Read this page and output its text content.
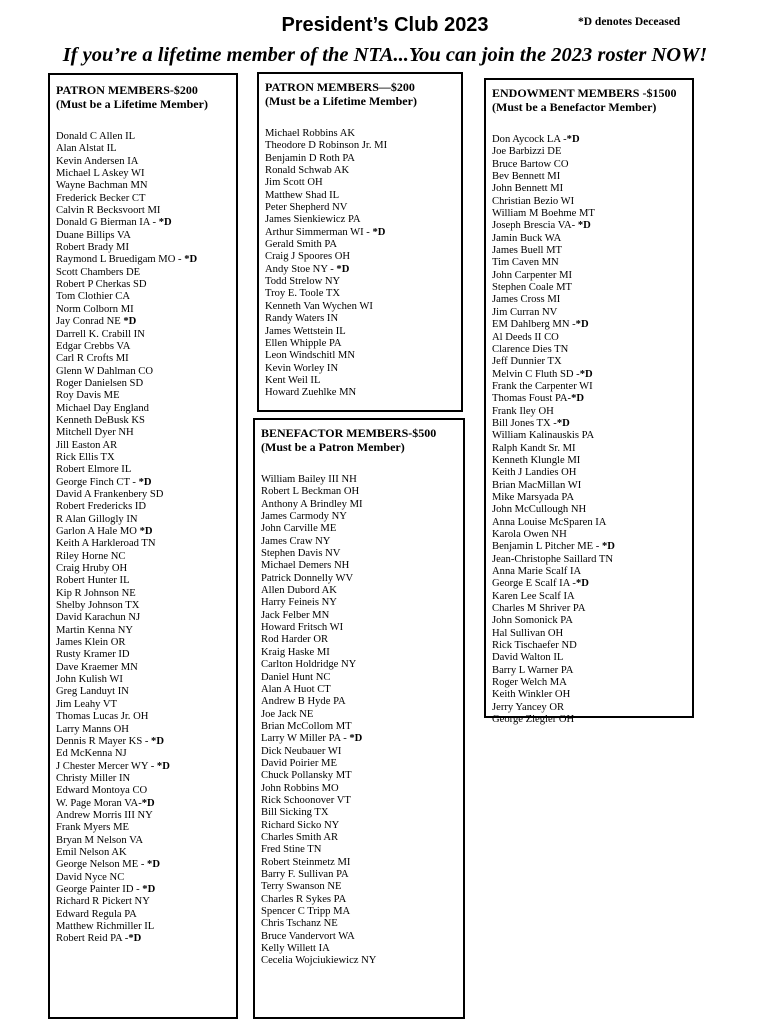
President’s Club 2023	*D denotes Deceased
If you’re a lifetime member of the NTA...You can join the 2023 roster NOW!
PATRON MEMBERS-$200
(Must be a Lifetime Member)
Donald C Allen IL
Alan Alstat IL
Kevin Andersen IA
Michael L Askey WI
Wayne Bachman MN
Frederick Becker CT
Calvin R Becksvoort MI
Donald G Bierman IA - *D
Duane Billips VA
Robert Brady MI
Raymond L Bruedigam MO - *D
Scott Chambers DE
Robert P Cherkas SD
Tom Clothier CA
Norm Colborn MI
Jay Conrad NE *D
Darrell K. Crabill IN
Edgar Crebbs VA
Carl R Crofts MI
Glenn W Dahlman CO
Roger Danielsen SD
Roy Davis ME
Michael Day England
Kenneth DeBusk KS
Mitchell Dyer NH
Jill Easton AR
Rick Ellis TX
Robert Elmore IL
George Finch CT - *D
David A Frankenbery SD
Robert Fredericks ID
R Alan Gillogly IN
Garlon A Hale MO *D
Keith A Harkleroad TN
Riley Horne NC
Craig Hruby OH
Robert Hunter IL
Kip R Johnson NE
Shelby Johnson TX
David Karachun NJ
Martin Kenna NY
James Klein OR
Rusty Kramer ID
Dave Kraemer MN
John Kulish WI
Greg Landuyt IN
Jim Leahy VT
Thomas Lucas Jr. OH
Larry Manns OH
Dennis R Mayer KS - *D
Ed McKenna NJ
J Chester Mercer WY - *D
Christy Miller IN
Edward Montoya CO
W. Page Moran VA-*D
Andrew Morris III NY
Frank Myers ME
Bryan M Nelson VA
Emil Nelson AK
George Nelson ME - *D
David Nyce NC
George Painter ID - *D
Richard R Pickert NY
Edward Regula PA
Matthew Richmiller IL
Robert Reid PA -*D
PATRON MEMBERS—$200
(Must be a Lifetime Member)
Michael Robbins AK
Theodore D Robinson Jr. MI
Benjamin D Roth PA
Ronald Schwab AK
Jim Scott OH
Matthew Shad IL
Peter Shepherd NV
James Sienkiewicz PA
Arthur Simmerman WI - *D
Gerald Smith PA
Craig J Spoores OH
Andy Stoe NY - *D
Todd Strelow NY
Troy E. Toole TX
Kenneth Van Wychen WI
Randy Waters IN
James Wettstein IL
Ellen Whipple PA
Leon Windschitl MN
Kevin Worley IN
Kent Weil IL
Howard Zuehlke MN
BENEFACTOR MEMBERS-$500
(Must be a Patron Member)
William Bailey III NH
Robert L Beckman OH
Anthony A Brindley MI
James Carmody NY
John Carville ME
James Craw NY
Stephen Davis NV
Michael Demers NH
Patrick Donnelly WV
Allen Dubord AK
Harry Feineis NY
Jack Felber MN
Howard Fritsch WI
Rod Harder OR
Kraig Haske MI
Carlton Holdridge NY
Daniel Hunt NC
Alan A Huot CT
Andrew B Hyde PA
Joe Jack NE
Brian McCollom MT
Larry W Miller PA - *D
Dick Neubauer WI
David Poirier ME
Chuck Pollansky MT
John Robbins MO
Rick Schoonover VT
Bill Sicking TX
Richard Sicko NY
Charles Smith AR
Fred Stine TN
Robert Steinmetz MI
Barry F. Sullivan PA
Terry Swanson NE
Charles R Sykes PA
Spencer C Tripp MA
Chris Tschanz NE
Bruce Vandervort WA
Kelly Willett IA
Cecelia Wojciukiewicz NY
ENDOWMENT MEMBERS -$1500
(Must be a Benefactor Member)
Don Aycock LA -*D
Joe Barbizzi DE
Bruce Bartow CO
Bev Bennett MI
John Bennett MI
Christian Bezio WI
William M Boehme MT
Joseph Brescia VA- *D
Jamin Buck WA
James Buell MT
Tim Caven MN
John Carpenter MI
Stephen Coale MT
James Cross MI
Jim Curran NV
EM Dahlberg MN -*D
Al Deeds II CO
Clarence Dies TN
Jeff Dunnier TX
Melvin C Fluth SD -*D
Frank the Carpenter WI
Thomas Foust PA-*D
Frank Iley OH
Bill Jones TX -*D
William Kalinauskis PA
Ralph Kandt Sr. MI
Kenneth Klungle MI
Keith J Landies OH
Brian MacMillan WI
Mike Marsyada PA
John McCullough NH
Anna Louise McSparen IA
Karola Owen NH
Benjamin L Pitcher ME - *D
Jean-Christophe Saillard TN
Anna Marie Scalf IA
George E Scalf IA -*D
Karen Lee Scalf IA
Charles M Shriver PA
John Somonick PA
Hal Sullivan OH
Rick Tischaefer ND
David Walton IL
Barry L Warner PA
Roger Welch MA
Keith Winkler OH
Jerry Yancey OR
George Ziegler OH
